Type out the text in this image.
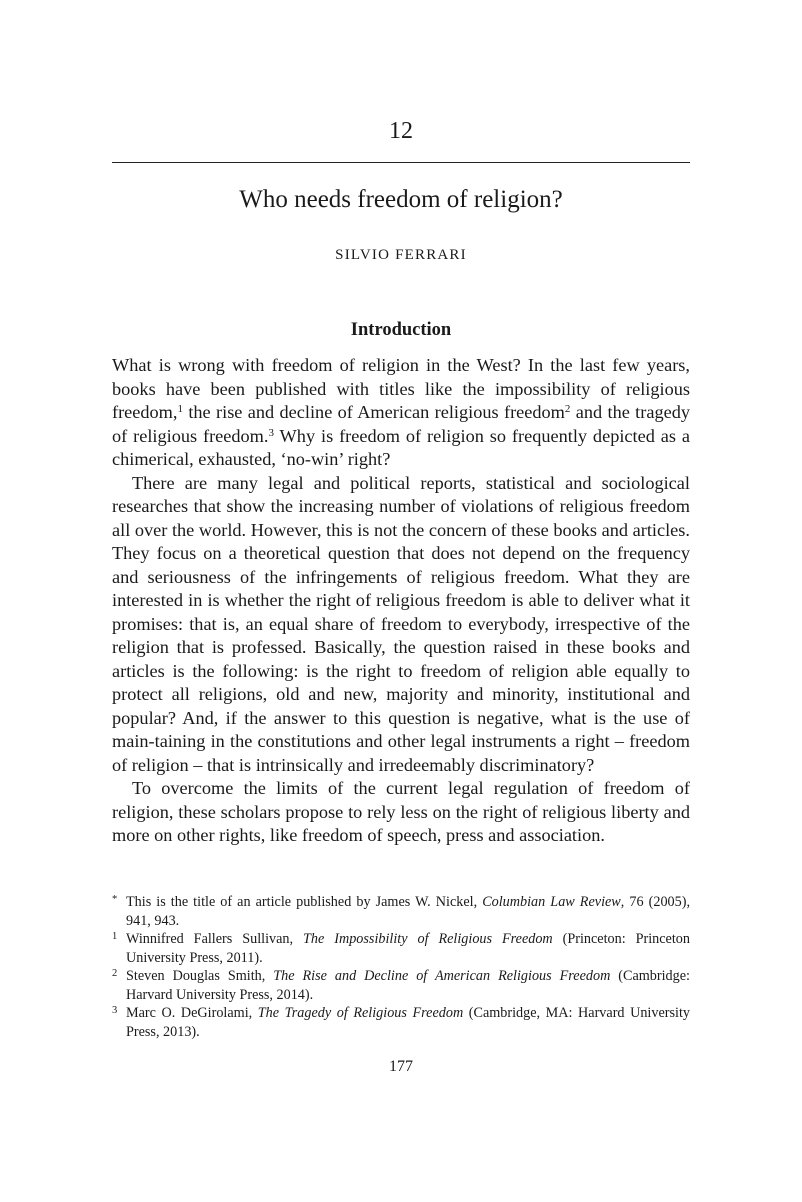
12
Who needs freedom of religion?
SILVIO FERRARI
Introduction

What is wrong with freedom of religion in the West? In the last few years, books have been published with titles like the impossibility of religious freedom,$^1$ the rise and decline of American religious freedom$^2$ and the tragedy of religious freedom.$^3$ Why is freedom of religion so frequently depicted as a chimerical, exhausted, ‘no-win’ right?

There are many legal and political reports, statistical and sociological researches that show the increasing number of violations of religious freedom all over the world. However, this is not the concern of these books and articles. They focus on a theoretical question that does not depend on the frequency and seriousness of the infringements of religious freedom. What they are interested in is whether the right of religious freedom is able to deliver what it promises: that is, an equal share of freedom to everybody, irrespective of the religion that is professed. Basically, the question raised in these books and articles is the following: is the right to freedom of religion able equally to protect all religions, old and new, majority and minority, institutional and popular? And, if the answer to this question is negative, what is the use of main-taining in the constitutions and other legal instruments a right – freedom of religion – that is intrinsically and irredeemably discriminatory?

To overcome the limits of the current legal regulation of freedom of religion, these scholars propose to rely less on the right of religious liberty and more on other rights, like freedom of speech, press and association.

* This is the title of an article published by James W. Nickel, Columbian Law Review, 76 (2005), 941, 943.
1 Winnifred Fallers Sullivan, The Impossibility of Religious Freedom (Princeton: Princeton University Press, 2011).
2 Steven Douglas Smith, The Rise and Decline of American Religious Freedom (Cambridge: Harvard University Press, 2014).
3 Marc O. DeGirolami, The Tragedy of Religious Freedom (Cambridge, MA: Harvard University Press, 2013).
177
